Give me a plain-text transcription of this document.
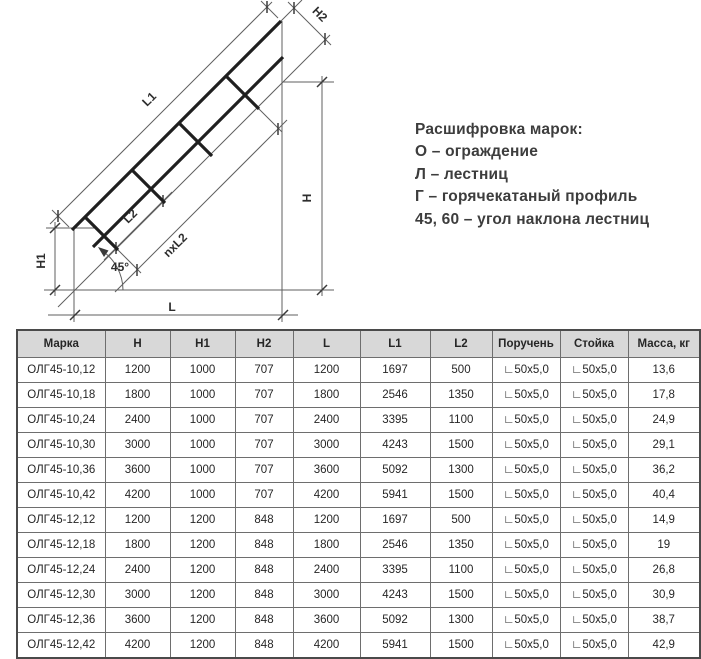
H2
L1
L2
nxL2
45°
H
H1
L
Расшифровка марок:
О – ограждение
Л – лестниц
Г – горячекатаный профиль
45, 60 – угол наклона лестниц
Марка	H	H1	H2	L	L1	L2	Поручень	Стойка	Масса, кг
ОЛГ45-10,12	1200	1000	707	1200	1697	500	∟50x5,0	∟50x5,0	13,6
ОЛГ45-10,18	1800	1000	707	1800	2546	1350	∟50x5,0	∟50x5,0	17,8
ОЛГ45-10,24	2400	1000	707	2400	3395	1100	∟50x5,0	∟50x5,0	24,9
ОЛГ45-10,30	3000	1000	707	3000	4243	1500	∟50x5,0	∟50x5,0	29,1
ОЛГ45-10,36	3600	1000	707	3600	5092	1300	∟50x5,0	∟50x5,0	36,2
ОЛГ45-10,42	4200	1000	707	4200	5941	1500	∟50x5,0	∟50x5,0	40,4
ОЛГ45-12,12	1200	1200	848	1200	1697	500	∟50x5,0	∟50x5,0	14,9
ОЛГ45-12,18	1800	1200	848	1800	2546	1350	∟50x5,0	∟50x5,0	19
ОЛГ45-12,24	2400	1200	848	2400	3395	1100	∟50x5,0	∟50x5,0	26,8
ОЛГ45-12,30	3000	1200	848	3000	4243	1500	∟50x5,0	∟50x5,0	30,9
ОЛГ45-12,36	3600	1200	848	3600	5092	1300	∟50x5,0	∟50x5,0	38,7
ОЛГ45-12,42	4200	1200	848	4200	5941	1500	∟50x5,0	∟50x5,0	42,9
